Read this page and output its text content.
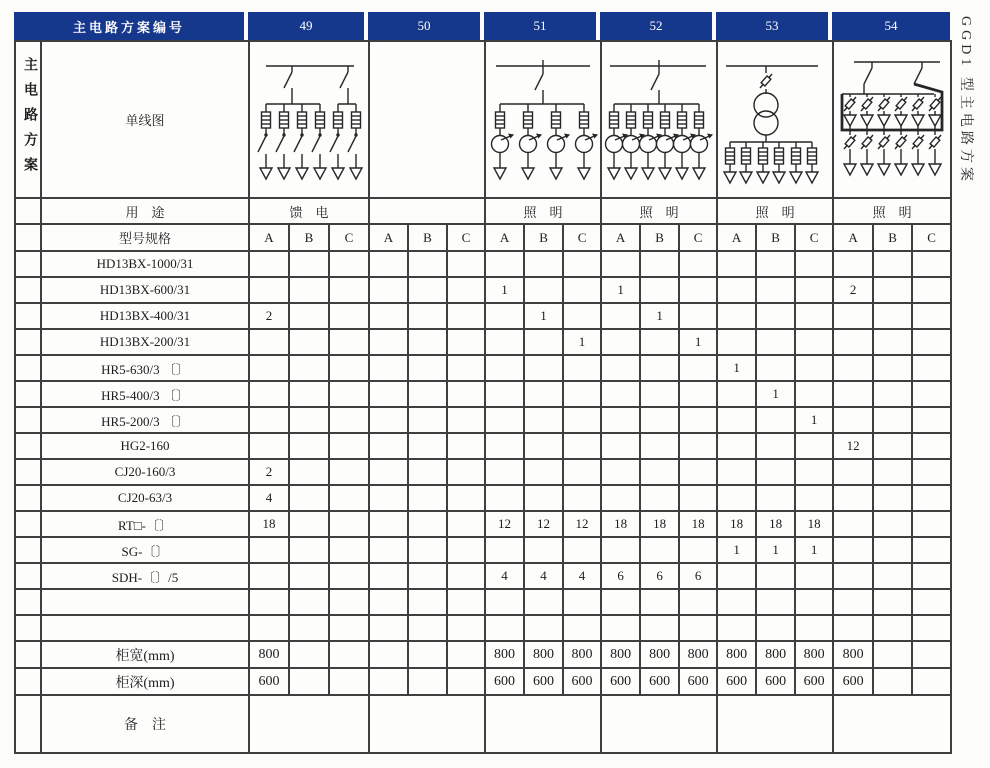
主电路方案编号	49	50	51	52	53	54
主电路方案	单线图	

	用　途	馈　电						照　明			照　明			照　明			照　明		
	型号规格	A	B	C	A	B	C	A	B	C	A	B	C	A	B	C	A	B	C
	HD13BX-1000/31																		
	HD13BX-600/31							1			1						2		
	HD13BX-400/31	2							1			1							
	HD13BX-200/31									1			1						
	HR5-630/3 〔〕													1					
	HR5-400/3 〔〕														1				
	HR5-200/3 〔〕															1			
	HG2-160																12		
	CJ20-160/3	2																	
	CJ20-63/3	4																	
	RT□-〔〕	18						12	12	12	18	18	18	18	18	18			
	SG-〔〕													1	1	1			
	SDH-〔〕/5							4	4	4	6	6	6						

	柜宽(mm)	800						800	800	800	800	800	800	800	800	800	800		
	柜深(mm)	600						600	600	600	600	600	600	600	600	600	600		
	备　注																		
GGD1 型主电路方案
